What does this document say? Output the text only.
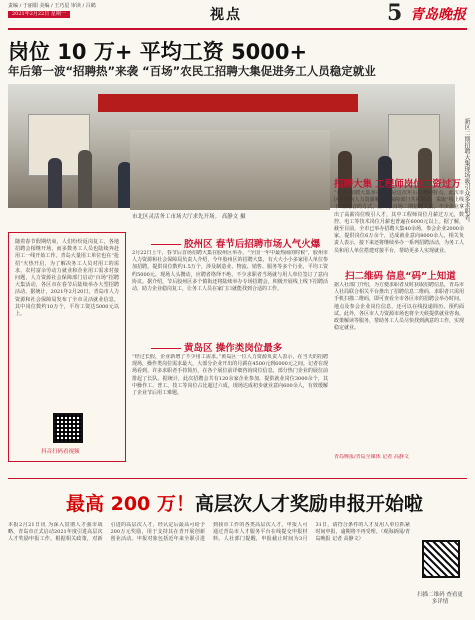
责编 / 于丽娟 美编 / 王巧星 审读 / 吕鹤
2021年2月22日 星期一	视点	5 青岛晚报
岗位 10 万+ 平均工资 5000+
年后第一波“招聘热”来袭 “百场”农民工招聘大集促进务工人员稳定就业
新区二期招聘大集现场吸引众多求职者。
市北区灵活务工市场大厅求先开场。 高静文 摄
招聘大集 工程师岗位工资过万
“百场”招聘大集举办，也是这次年后招聘的特点。此次市区范围内人力资源和社会保障部门共同联动，采取“线上线下”相结合的方式，推出了百场二期招聘大集，不少企业拿出了高薪岗位吸引人才，其中工程师岗位月薪过万元，数控、电工等技术岗位月薪也普遍在6000元以上。据了解，截至目前，全市已举办招聘大集40余场，参会企业2000余家，提供岗位6万余个，达成就业意向8000余人。相关负责人表示，接下来还将继续举办一系列招聘活动，为务工人员和用人单位搭建对接平台，帮助更多人实现就业。
随着春节假期结束，人们纷纷返岗复工，各地招聘会相继开场，而多数务工人员也陆续奔赴用工一线开始工作。青岛大量用工单位也在“抢招”火热开启，为了解决务工人员对用工的需求，农村富余劳动力就业和企业用工需求对接问题，人力资源社会保障部门启动“百场”招聘大集活动，各区市在春节后陆续举办大型招聘活动，据统计，2021年2月20日，青岛市人力资源和社会保障局发布了全市灵活就业信息，其中岗位数约10万个，平均工资达5000元以上。
抖音扫码看视频
胶州区 春节后招聘市场人气火爆
2月22日上午，春节后首场招聘大集在胶州区举办，“全国一年中最热闹的时候”，胶州市人力资源和社会保障局负责人介绍，今年胶州区的招聘大集，有大大小小多家用人单位参加招聘，提供岗位数约1.5万个，涉及制造业、物流、销售、服务等多个行业，平均工资约5000元。现场人头攒动，应聘者络绎不绝，不少求职者当场就与用人单位签订了意向协议。据介绍，节后胶州区多个镇街还将陆续举办专场招聘会，积极开展线上线下招聘活动，助力企业稳岗复工，让务工人员在家门口就能找到合适的工作。
黄岛区 操作类岗位最多
“经过长假，企业新增了不少用工需求。”黄岛区一位人力资源负责人表示，在当天的招聘现场，操作类岗位需求最大，大部分企业开出的月薪在4500元到6000元之间。记者在现场看到，许多求职者手持简历，在各个展位前详细咨询岗位信息，部分热门企业的展位前排起了长队。据统计，此次招聘会共有120余家企业参加，提供就业岗位3000余个，其中操作工、普工、技工等岗位占比超过六成，现场达成初步就业意向600余人，有效缓解了企业节后用工难题。
扫二维码 信息“码”上知道
据人社部门介绍，为方便求职者及时获取招聘信息，青岛市人社局联合相关平台推出了招聘信息二维码，求职者只需用手机扫描二维码，即可查看全市各区市的招聘会举办时间、地点及参会企业岗位信息，还可以在线投递简历、预约面试。此外，各区市人力资源市场也将全天候提供就业咨询、政策解读等服务，帮助务工人员尽快找到满意的工作，实现稳定就业。
青岛晚报/青岛全媒体 记者 高静文
最高 200 万！高层次人才奖励申报开始啦
本报2月21日讯 为深入贯彻人才强市战略，青岛市正式启动2021年度引进高层次人才奖励申报工作。根据相关政策，对新引进的高层次人才，经认定后最高可给予200万元奖励，用于支持其在青开展创新创业活动。申报对象包括近年来全职引进到我市工作的各类高层次人才，申报人可通过青岛市人才服务平台在线提交申报材料。人社部门提醒，申报截止时间为3月31日，请符合条件的人才及用人单位抓紧时间申报，逾期将不再受理。（观海新闻/青岛晚报 记者 高静文）
扫描二维码 查看更多详情
